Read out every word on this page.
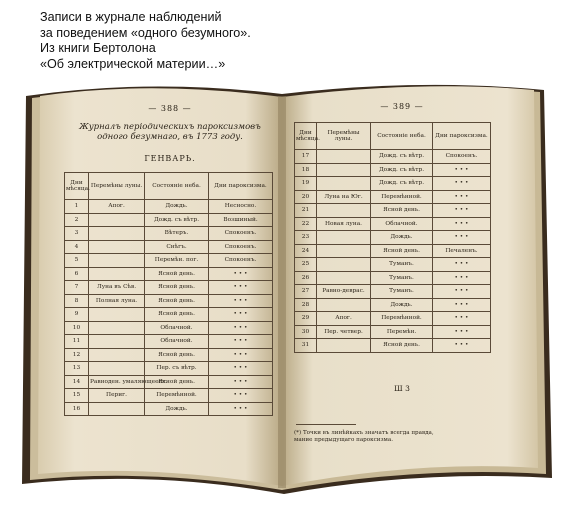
Записи в журнале наблюдений
за поведением «одного безумного».
Из книги Бертолона
«Об электрической материи…»
— 388 —
Журналъ періодическихъ пароксизмовъ
одного безумнаго, въ 1773 году.
ГЕНВАРЬ.
Дни мѣсяца.	Перемѣны луны.	Состояніе неба.	Дни пароксизма.
1	Апог.	Дождь.	Несносно.
2		Дожд. съ вѣтр.	Возшиный.
3		Вѣтеръ.	Спокоенъ.
4		Снѣгъ.	Спокоенъ.
5		Перемѣн. пог.	Спокоенъ.
6		Ясной день.	• • •
7	Луна въ Сѣв.	Ясной день.	• • •
8	Полная луна.	Ясной день.	• • •
9		Ясной день.	• • •
10		Облачной.	• • •
11		Облачной.	• • •
12		Ясной день.	• • •
13		Пер. съ вѣтр.	• • •
14	Равноден. умаляющееся.	Ясной день.	• • •
15	Периг.	Перемѣнной.	• • •
16		Дождь.	• • •
— 389 —
Дни мѣсяца.	Перемѣны луны.	Состояніе неба.	Дни пароксизма.
17		Дожд. съ вѣтр.	Спокоенъ.
18		Дожд. съ вѣтр.	• • •
19		Дожд. съ вѣтр.	• • •
20	Луна на Юг.	Перемѣнной.	• • •
21		Ясной день.	• • •
22	Новая луна.	Облачной.	• • •
23		Дождь.	• • •
24		Ясной день.	Печаленъ.
25		Туманъ.	• • •
26		Туманъ.	• • •
27	Равно-деврас.	Туманъ.	• • •
28		Дождь.	• • •
29	Апог.	Перемѣнной.	• • •
30	Пер. четвер.	Перемѣн.	• • •
31		Ясной день.	• • •
Ш 3
(*) Точки въ линѣйкахъ значатъ всегда правда,
мание предыдущаго пароксизма.
